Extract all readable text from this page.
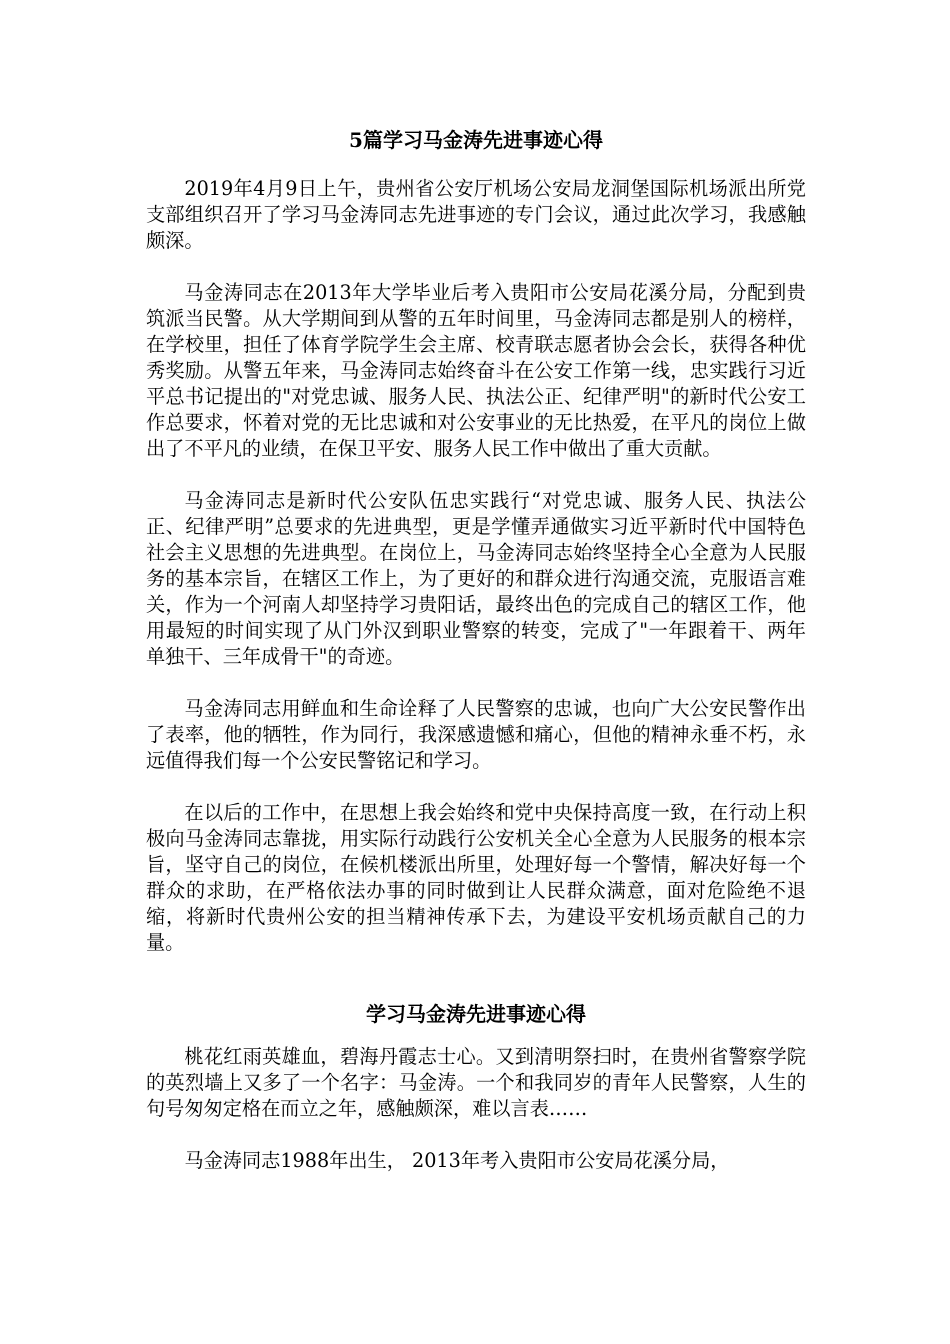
5篇学习马金涛先进事迹心得

2019年4月9日上午，贵州省公安厅机场公安局龙洞堡国际机场派出所党支部组织召开了学习马金涛同志先进事迹的专门会议，通过此次学习，我感触颇深。

马金涛同志在2013年大学毕业后考入贵阳市公安局花溪分局，分配到贵筑派当民警。从大学期间到从警的五年时间里，马金涛同志都是别人的榜样，在学校里，担任了体育学院学生会主席、校青联志愿者协会会长，获得各种优秀奖励。从警五年来，马金涛同志始终奋斗在公安工作第一线，忠实践行习近平总书记提出的"对党忠诚、服务人民、执法公正、纪律严明"的新时代公安工作总要求，怀着对党的无比忠诚和对公安事业的无比热爱，在平凡的岗位上做出了不平凡的业绩，在保卫平安、服务人民工作中做出了重大贡献。

马金涛同志是新时代公安队伍忠实践行“对党忠诚、服务人民、执法公正、纪律严明”总要求的先进典型，更是学懂弄通做实习近平新时代中国特色社会主义思想的先进典型。在岗位上，马金涛同志始终坚持全心全意为人民服务的基本宗旨，在辖区工作上，为了更好的和群众进行沟通交流，克服语言难关，作为一个河南人却坚持学习贵阳话，最终出色的完成自己的辖区工作，他用最短的时间实现了从门外汉到职业警察的转变，完成了"一年跟着干、两年单独干、三年成骨干"的奇迹。

马金涛同志用鲜血和生命诠释了人民警察的忠诚，也向广大公安民警作出了表率，他的牺牲，作为同行，我深感遗憾和痛心，但他的精神永垂不朽，永远值得我们每一个公安民警铭记和学习。

在以后的工作中，在思想上我会始终和党中央保持高度一致，在行动上积极向马金涛同志靠拢，用实际行动践行公安机关全心全意为人民服务的根本宗旨，坚守自己的岗位，在候机楼派出所里，处理好每一个警情，解决好每一个群众的求助，在严格依法办事的同时做到让人民群众满意，面对危险绝不退缩，将新时代贵州公安的担当精神传承下去，为建设平安机场贡献自己的力量。

学习马金涛先进事迹心得

桃花红雨英雄血，碧海丹霞志士心。又到清明祭扫时，在贵州省警察学院的英烈墙上又多了一个名字：马金涛。一个和我同岁的青年人民警察，人生的句号匆匆定格在而立之年，感触颇深，难以言表……

马金涛同志1988年出生， 2013年考入贵阳市公安局花溪分局，
